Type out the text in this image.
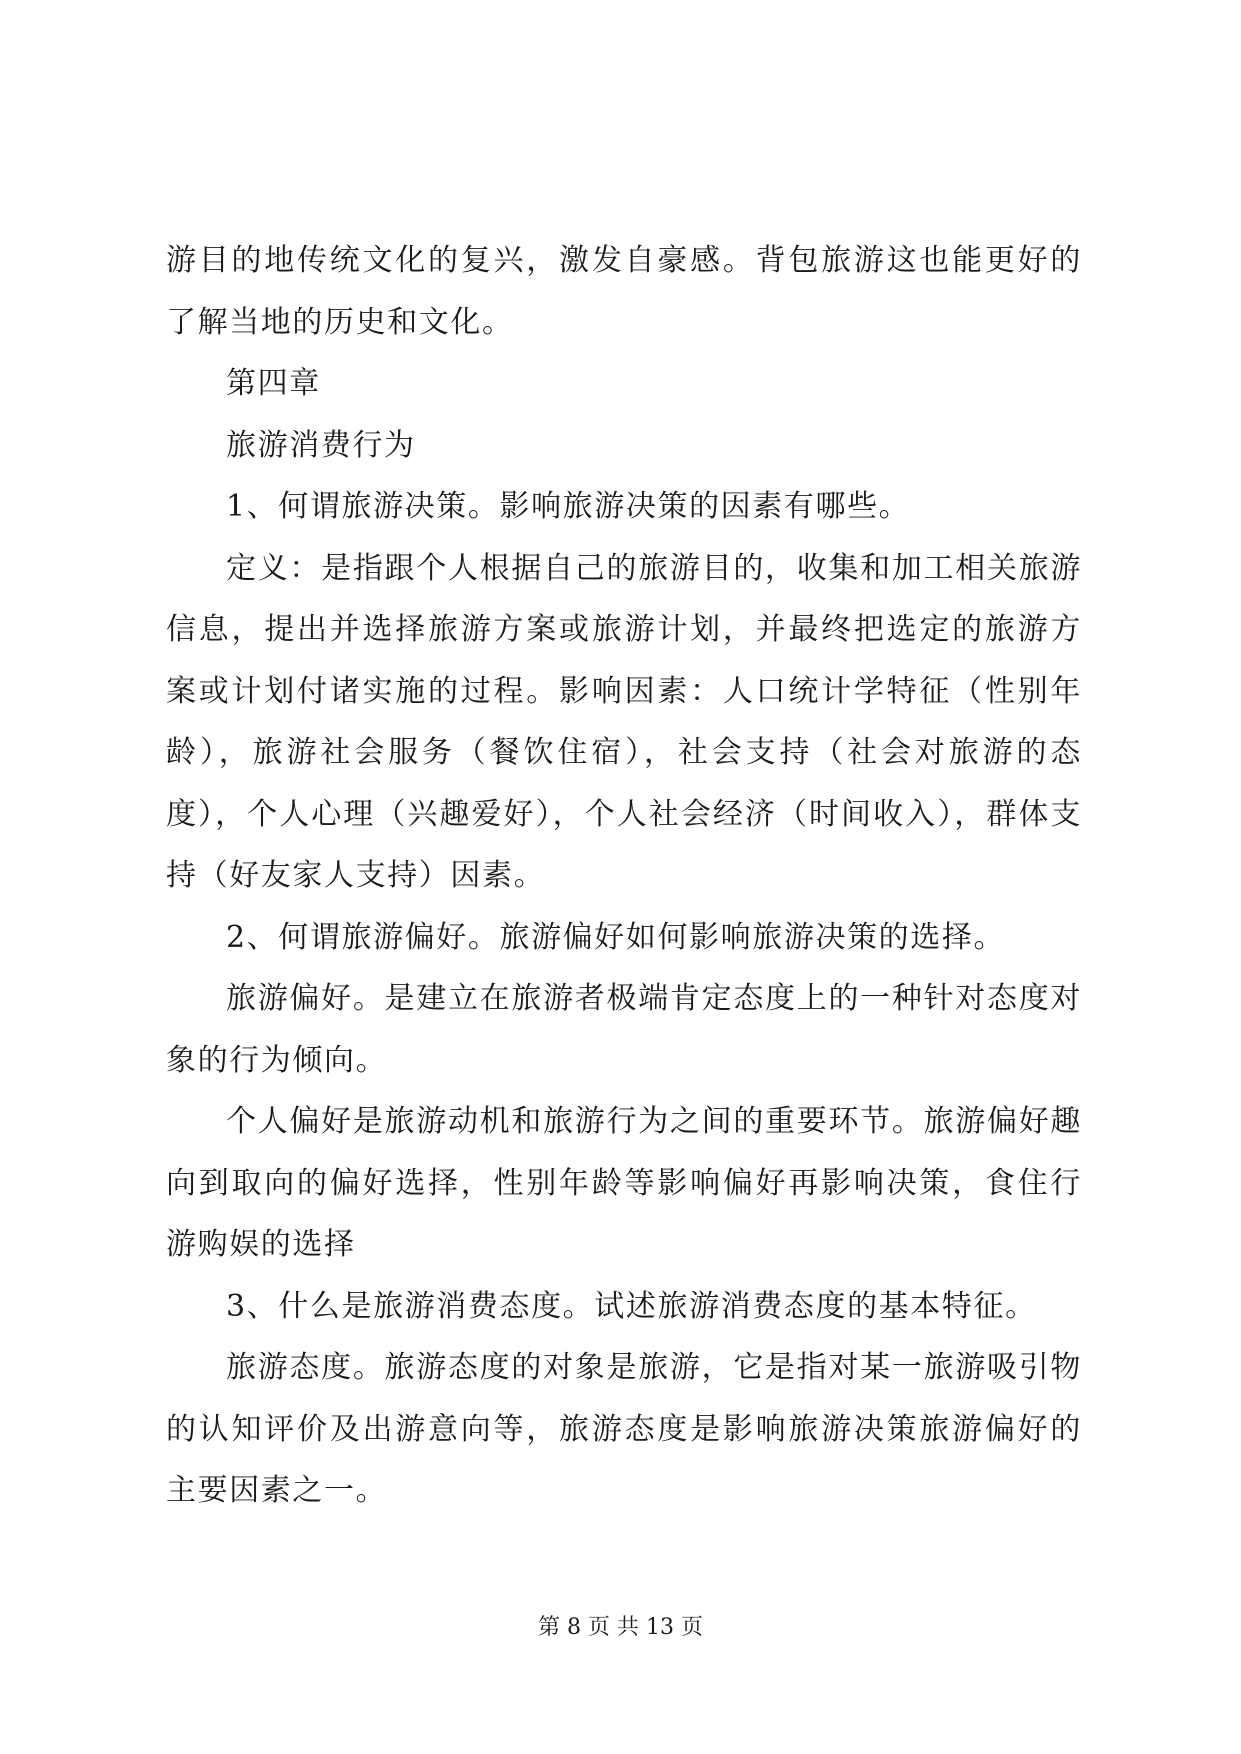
游目的地传统文化的复兴，激发自豪感。背包旅游这也能更好的了解当地的历史和文化。

第四章

旅游消费行为

1、何谓旅游决策。影响旅游决策的因素有哪些。

定义：是指跟个人根据自己的旅游目的，收集和加工相关旅游信息，提出并选择旅游方案或旅游计划，并最终把选定的旅游方案或计划付诸实施的过程。影响因素：人口统计学特征（性别年龄），旅游社会服务（餐饮住宿），社会支持（社会对旅游的态度），个人心理（兴趣爱好），个人社会经济（时间收入），群体支持（好友家人支持）因素。

2、何谓旅游偏好。旅游偏好如何影响旅游决策的选择。

旅游偏好。是建立在旅游者极端肯定态度上的一种针对态度对象的行为倾向。

个人偏好是旅游动机和旅游行为之间的重要环节。旅游偏好趣向到取向的偏好选择，性别年龄等影响偏好再影响决策，食住行游购娱的选择

3、什么是旅游消费态度。试述旅游消费态度的基本特征。

旅游态度。旅游态度的对象是旅游，它是指对某一旅游吸引物的认知评价及出游意向等，旅游态度是影响旅游决策旅游偏好的主要因素之一。

第 8 页 共 13 页
